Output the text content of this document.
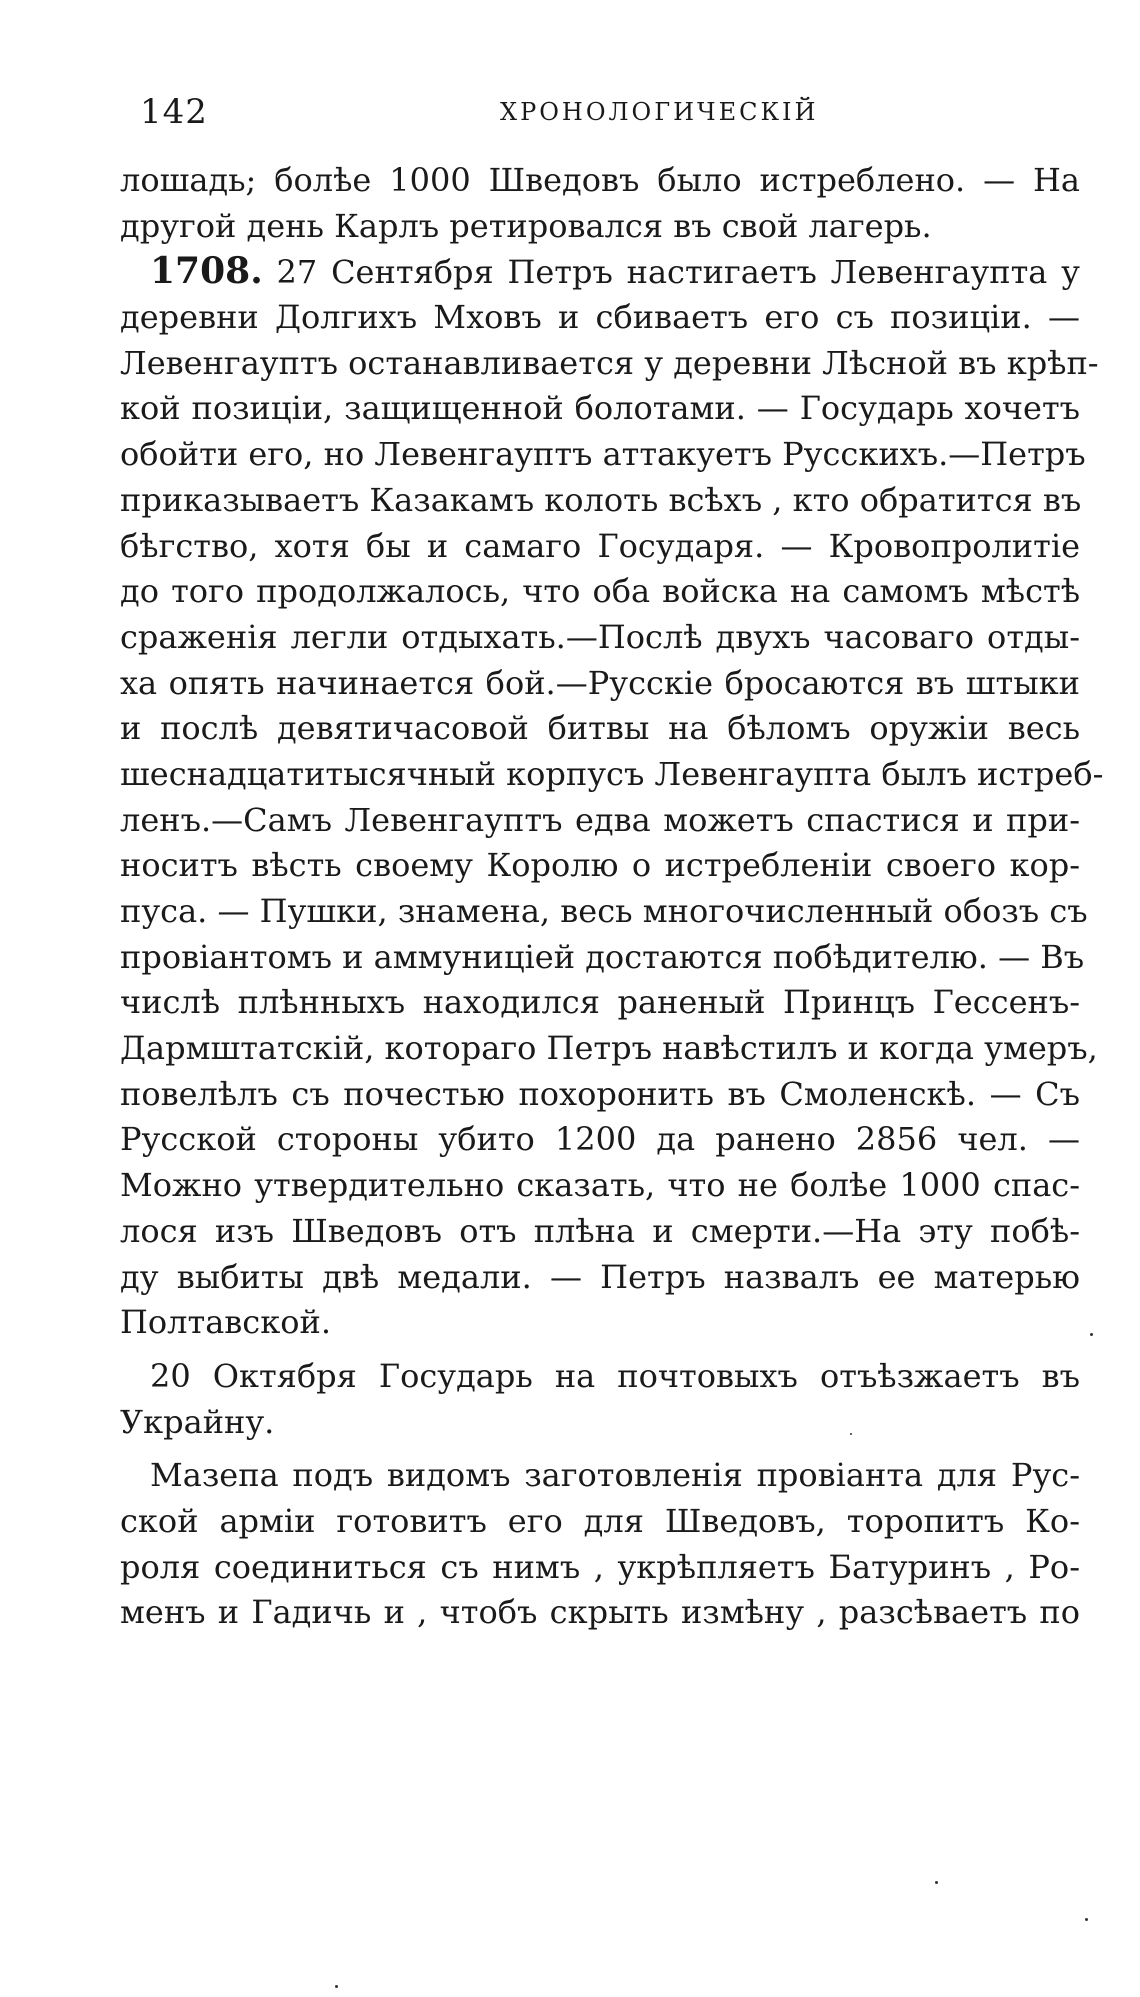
142	ХРОНОЛОГИЧЕСКІЙ
лошадь; болѣе 1000 Шведовъ было истреблено. — На
другой день Карлъ ретировался въ свой лагерь.
1708. 27 Сентября Петръ настигаетъ Левенгаупта у
деревни Долгихъ Мховъ и сбиваетъ его съ позиціи. —
Левенгауптъ останавливается у деревни Лѣсной въ крѣп-
кой позиціи, защищенной болотами. — Государь хочетъ
обойти его, но Левенгауптъ аттакуетъ Русскихъ.—Петръ
приказываетъ Казакамъ колоть всѣхъ , кто обратится въ
бѣгство, хотя бы и самаго Государя. — Кровопролитіе
до того продолжалось, что оба войска на самомъ мѣстѣ
сраженія легли отдыхать.—Послѣ двухъ часоваго отды-
ха опять начинается бой.—Русскіе бросаются въ штыки
и послѣ девятичасовой битвы на бѣломъ оружіи весь
шеснадцатитысячный корпусъ Левенгаупта былъ истреб-
ленъ.—Самъ Левенгауптъ едва можетъ спастися и при-
носитъ вѣсть своему Королю о истребленіи своего кор-
пуса. — Пушки, знамена, весь многочисленный обозъ съ
провіантомъ и аммуниціей достаются побѣдителю. — Въ
числѣ плѣнныхъ находился раненый Принцъ Гессенъ-
Дармштатскій, котораго Петръ навѣстилъ и когда умеръ,
повелѣлъ съ почестью похоронить въ Смоленскѣ. — Съ
Русской стороны убито 1200 да ранено 2856 чел. —
Можно утвердительно сказать, что не болѣе 1000 спас-
лося изъ Шведовъ отъ плѣна и смерти.—На эту побѣ-
ду выбиты двѣ медали. — Петръ назвалъ ее матерью
Полтавской.
20 Октября Государь на почтовыхъ отъѣзжаетъ въ
Украйну.
Мазепа подъ видомъ заготовленія провіанта для Рус-
ской арміи готовитъ его для Шведовъ, торопитъ Ко-
роля соединиться съ нимъ , укрѣпляетъ Батуринъ , Ро-
менъ и Гадичь и , чтобъ скрыть измѣну , разсѣваетъ по
